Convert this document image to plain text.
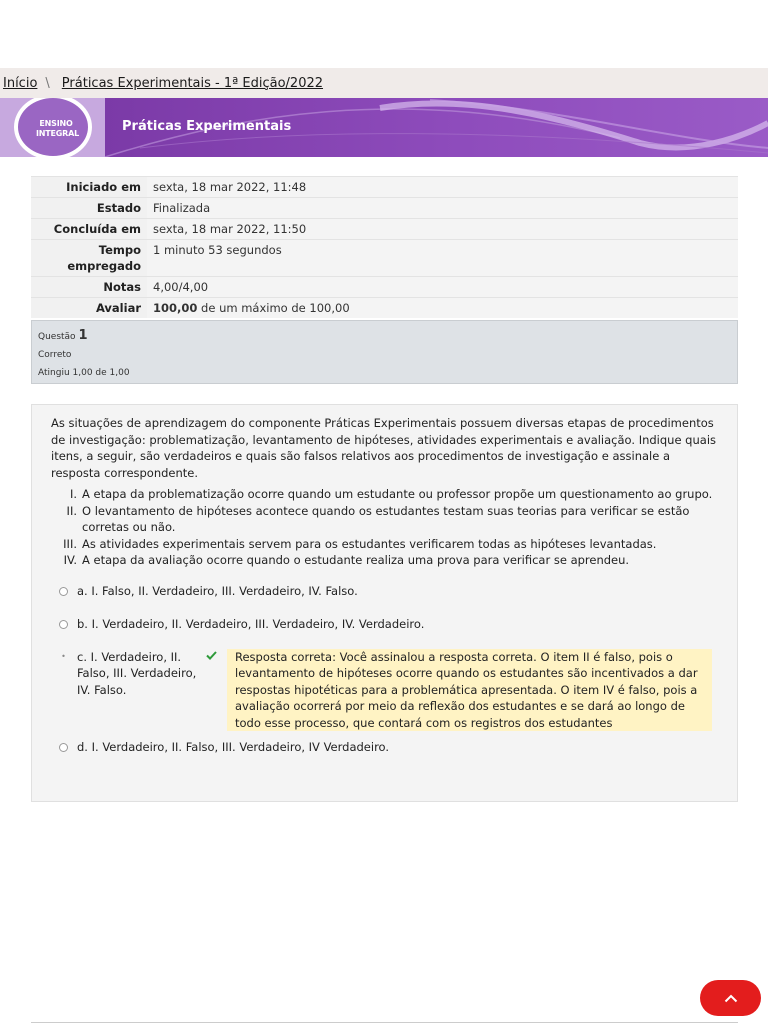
Início \ Práticas Experimentais - 1ª Edição/2022
ENSINO
INTEGRAL	Práticas Experimentais
Iniciado em	sexta, 18 mar 2022, 11:48
Estado	Finalizada
Concluída em	sexta, 18 mar 2022, 11:50
Tempo empregado	1 minuto 53 segundos
Notas	4,00/4,00
Avaliar	100,00 de um máximo de 100,00
Questão 1
Correto
Atingiu 1,00 de 1,00

As situações de aprendizagem do componente Práticas Experimentais possuem diversas etapas de procedimentos de investigação: problematização, levantamento de hipóteses, atividades experimentais e avaliação. Indique quais itens, a seguir, são verdadeiros e quais são falsos relativos aos procedimentos de investigação e assinale a resposta correspondente.

I. A etapa da problematização ocorre quando um estudante ou professor propõe um questionamento ao grupo.
II. O levantamento de hipóteses acontece quando os estudantes testam suas teorias para verificar se estão corretas ou não.
III. As atividades experimentais servem para os estudantes verificarem todas as hipóteses levantadas.
IV. A etapa da avaliação ocorre quando o estudante realiza uma prova para verificar se aprendeu.
a. I. Falso, II. Verdadeiro, III. Verdadeiro, IV. Falso.
b. I. Verdadeiro, II. Verdadeiro, III. Verdadeiro, IV. Verdadeiro.
• c. I. Verdadeiro, II. Falso, III. Verdadeiro, IV. Falso.
Resposta correta: Você assinalou a resposta correta. O item II é falso, pois o levantamento de hipóteses ocorre quando os estudantes são incentivados a dar respostas hipotéticas para a problemática apresentada. O item IV é falso, pois a avaliação ocorrerá por meio da reflexão dos estudantes e se dará ao longo de todo esse processo, que contará com os registros dos estudantes
d. I. Verdadeiro, II. Falso, III. Verdadeiro, IV Verdadeiro.
